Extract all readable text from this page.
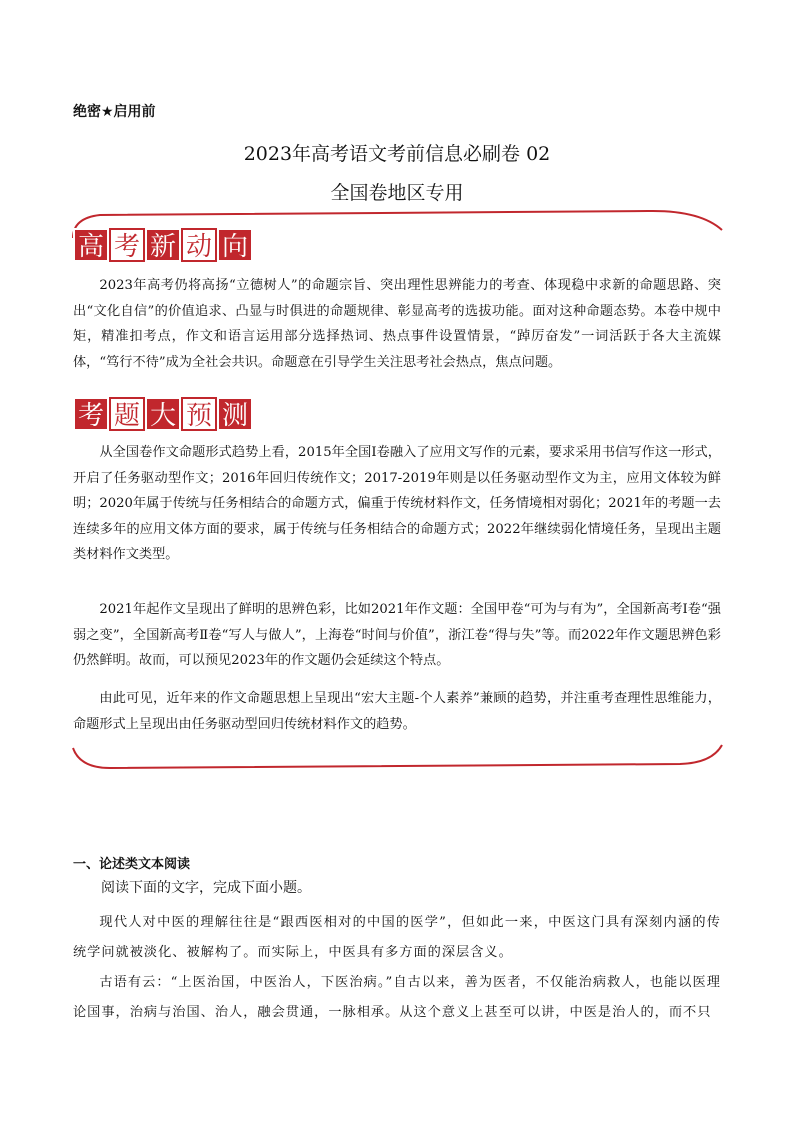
绝密★启用前
2023年高考语文考前信息必刷卷 02
全国卷地区专用
高 考 新 动 向

2023年高考仍将高扬“立德树人”的命题宗旨、突出理性思辨能力的考查、体现稳中求新的命题思路、突出“文化自信”的价值追求、凸显与时俱进的命题规律、彰显高考的选拔功能。面对这种命题态势。本卷中规中矩，精准扣考点，作文和语言运用部分选择热词、热点事件设置情景，“踔厉奋发”一词活跃于各大主流媒体，“笃行不待”成为全社会共识。命题意在引导学生关注思考社会热点，焦点问题。

考 题 大 预 测

从全国卷作文命题形式趋势上看，2015年全国Ⅰ卷融入了应用文写作的元素，要求采用书信写作这一形式，开启了任务驱动型作文；2016年回归传统作文；2017-2019年则是以任务驱动型作文为主，应用文体较为鲜明；2020年属于传统与任务相结合的命题方式，偏重于传统材料作文，任务情境相对弱化；2021年的考题一去连续多年的应用文体方面的要求，属于传统与任务相结合的命题方式；2022年继续弱化情境任务，呈现出主题类材料作文类型。

2021年起作文呈现出了鲜明的思辨色彩，比如2021年作文题：全国甲卷“可为与有为”，全国新高考Ⅰ卷“强弱之变”，全国新高考Ⅱ卷“写人与做人”，上海卷“时间与价值”，浙江卷“得与失”等。而2022年作文题思辨色彩仍然鲜明。故而，可以预见2023年的作文题仍会延续这个特点。

由此可见，近年来的作文命题思想上呈现出“宏大主题-个人素养”兼顾的趋势，并注重考查理性思维能力，命题形式上呈现出由任务驱动型回归传统材料作文的趋势。

一、论述类文本阅读
阅读下面的文字，完成下面小题。

现代人对中医的理解往往是“跟西医相对的中国的医学”，但如此一来，中医这门具有深刻内涵的传统学问就被淡化、被解构了。而实际上，中医具有多方面的深层含义。

古语有云：“上医治国，中医治人，下医治病。”自古以来，善为医者，不仅能治病救人，也能以医理论国事，治病与治国、治人，融会贯通，一脉相承。从这个意义上甚至可以讲，中医是治人的，而不只
